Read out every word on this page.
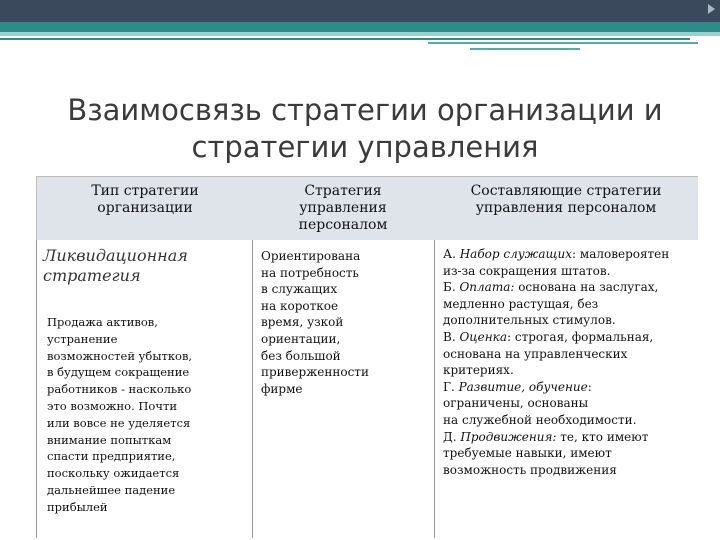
Взаимосвязь стратегии организации и
стратегии управления
Тип стратегии организации
Стратегия управления персоналом
Составляющие стратегии управления персоналом
Ликвидационная
стратегия
Продажа активов,
устранение
возможностей убытков,
в будущем сокращение
работников - насколько
это возможно. Почти
или вовсе не уделяется
внимание попыткам
спасти предприятие,
поскольку ожидается
дальнейшее падение
прибылей
Ориентирована
на потребность
в служащих
на короткое
время, узкой
ориентации,
без большой
приверженности
фирме
А. Набор служащих: маловероятен
из-за сокращения штатов.
Б. Оплата: основана на заслугах,
медленно растущая, без
дополнительных стимулов.
В. Оценка: строгая, формальная,
основана на управленческих
критериях.
Г. Развитие, обучение:
ограничены, основаны
на служебной необходимости.
Д. Продвижения: те, кто имеют
требуемые навыки, имеют
возможность продвижения
